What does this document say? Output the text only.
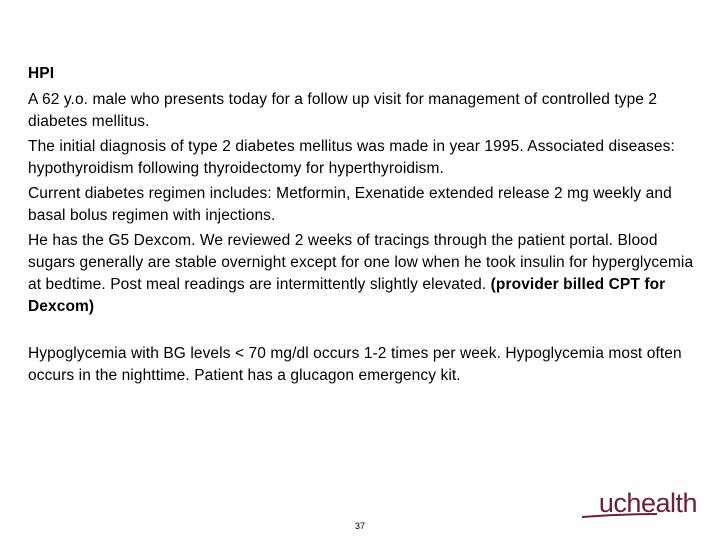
HPI

A 62 y.o. male who presents today for a follow up visit for management of controlled type 2 diabetes mellitus.

The initial diagnosis of type 2 diabetes mellitus was made in year 1995. Associated diseases: hypothyroidism following thyroidectomy for hyperthyroidism.

Current diabetes regimen includes: Metformin, Exenatide extended release 2 mg weekly and basal bolus regimen with injections.

He has the G5 Dexcom. We reviewed 2 weeks of tracings through the patient portal. Blood sugars generally are stable overnight except for one low when he took insulin for hyperglycemia at bedtime. Post meal readings are intermittently slightly elevated. (provider billed CPT for Dexcom)

Hypoglycemia with BG levels < 70 mg/dl occurs 1-2 times per week. Hypoglycemia most often occurs in the nighttime. Patient has a glucagon emergency kit.

uchealth
37
